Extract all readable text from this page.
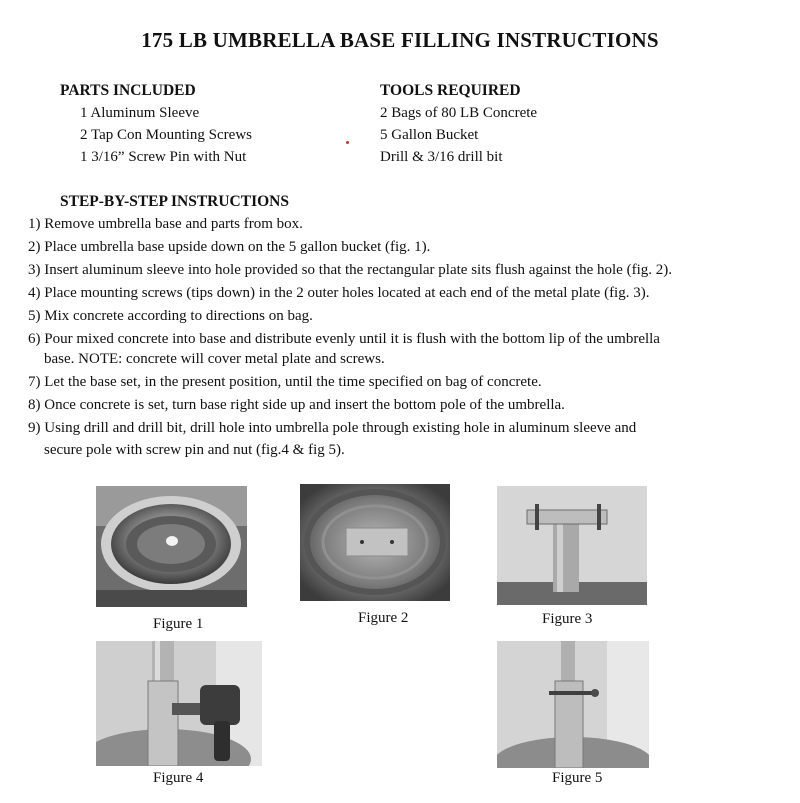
175 LB UMBRELLA BASE FILLING INSTRUCTIONS
PARTS INCLUDED
1 Aluminum Sleeve
2 Tap Con Mounting Screws
1 3/16” Screw Pin with Nut
TOOLS REQUIRED
2 Bags of 80 LB Concrete
5 Gallon Bucket
Drill & 3/16 drill bit
STEP-BY-STEP INSTRUCTIONS
1) Remove umbrella base and parts from box.
2) Place umbrella base upside down on the 5 gallon bucket (fig. 1).
3) Insert aluminum sleeve into hole provided so that the rectangular plate sits flush against the hole (fig. 2).
4) Place mounting screws (tips down) in the 2 outer holes located at each end of the metal plate (fig. 3).
5) Mix concrete according to directions on bag.
6) Pour mixed concrete into base and distribute evenly until it is flush with the bottom lip of the umbrella
base. NOTE: concrete will cover metal plate and screws.
7) Let the base set, in the present position, until the time specified on bag of concrete.
8) Once concrete is set, turn base right side up and insert the bottom pole of the umbrella.
9) Using drill and drill bit, drill hole into umbrella pole through existing hole in aluminum sleeve and
secure pole with screw pin and nut (fig.4 & fig 5).
Figure 1	Figure 2	Figure 3
Figure 4	Figure 5
